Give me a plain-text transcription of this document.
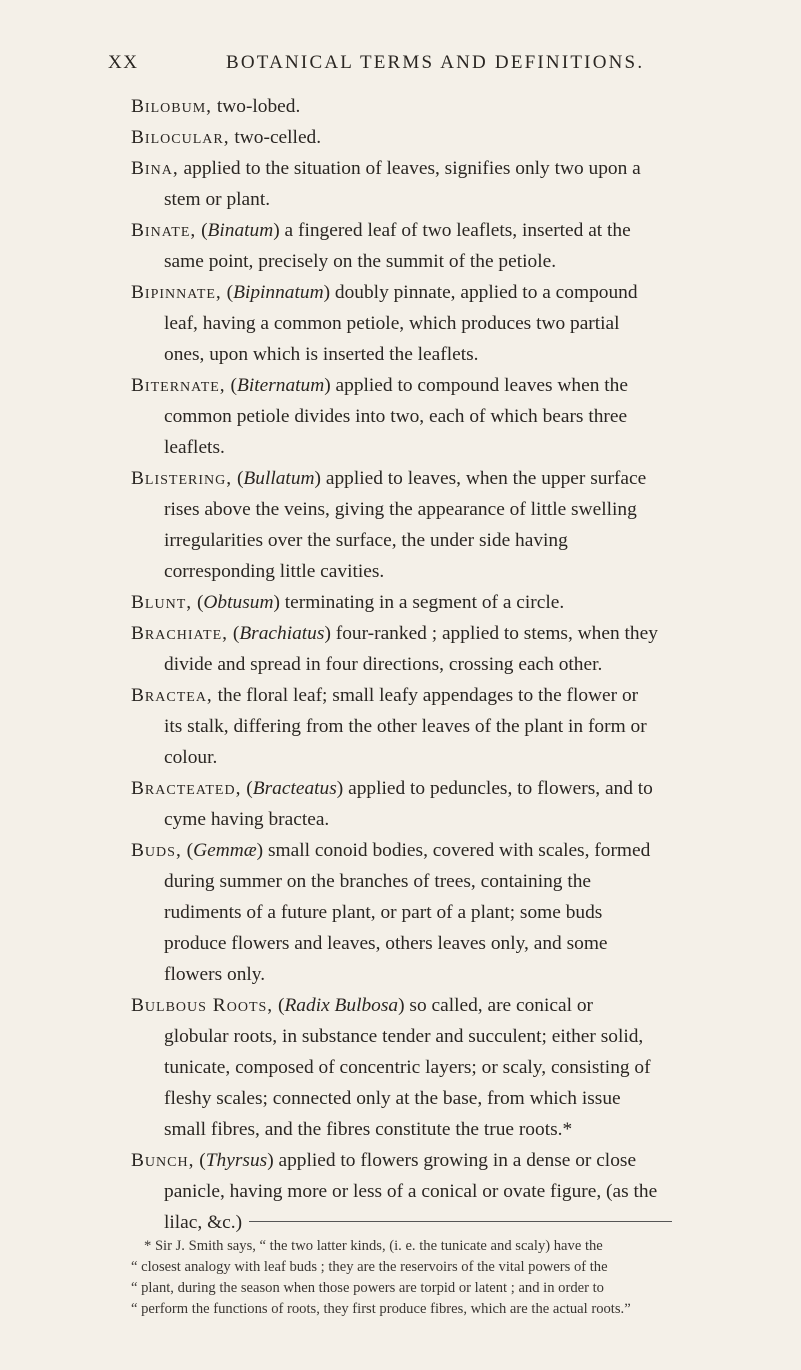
XX	BOTANICAL TERMS AND DEFINITIONS.
Bilobum, two-lobed.
Bilocular, two-celled.
Bina, applied to the situation of leaves, signifies only two upon a stem or plant.
Binate, (Binatum) a fingered leaf of two leaflets, inserted at the same point, precisely on the summit of the petiole.
Bipinnate, (Bipinnatum) doubly pinnate, applied to a compound leaf, having a common petiole, which produces two partial ones, upon which is inserted the leaflets.
Biternate, (Biternatum) applied to compound leaves when the common petiole divides into two, each of which bears three leaflets.
Blistering, (Bullatum) applied to leaves, when the upper surface rises above the veins, giving the appearance of little swelling irregularities over the surface, the under side having corresponding little cavities.
Blunt, (Obtusum) terminating in a segment of a circle.
Brachiate, (Brachiatus) four-ranked ; applied to stems, when they divide and spread in four directions, crossing each other.
Bractea, the floral leaf; small leafy appendages to the flower or its stalk, differing from the other leaves of the plant in form or colour.
Bracteated, (Bracteatus) applied to peduncles, to flowers, and to cyme having bractea.
Buds, (Gemmæ) small conoid bodies, covered with scales, formed during summer on the branches of trees, containing the rudiments of a future plant, or part of a plant; some buds produce flowers and leaves, others leaves only, and some flowers only.
Bulbous Roots, (Radix Bulbosa) so called, are conical or globular roots, in substance tender and succulent; either solid, tunicate, composed of concentric layers; or scaly, consisting of fleshy scales; connected only at the base, from which issue small fibres, and the fibres constitute the true roots.*
Bunch, (Thyrsus) applied to flowers growing in a dense or close panicle, having more or less of a conical or ovate figure, (as the lilac, &c.)

* Sir J. Smith says, “ the two latter kinds, (i. e. the tunicate and scaly) have the

“ closest analogy with leaf buds ; they are the reservoirs of the vital powers of the

“ plant, during the season when those powers are torpid or latent ; and in order to

“ perform the functions of roots, they first produce fibres, which are the actual roots.”
